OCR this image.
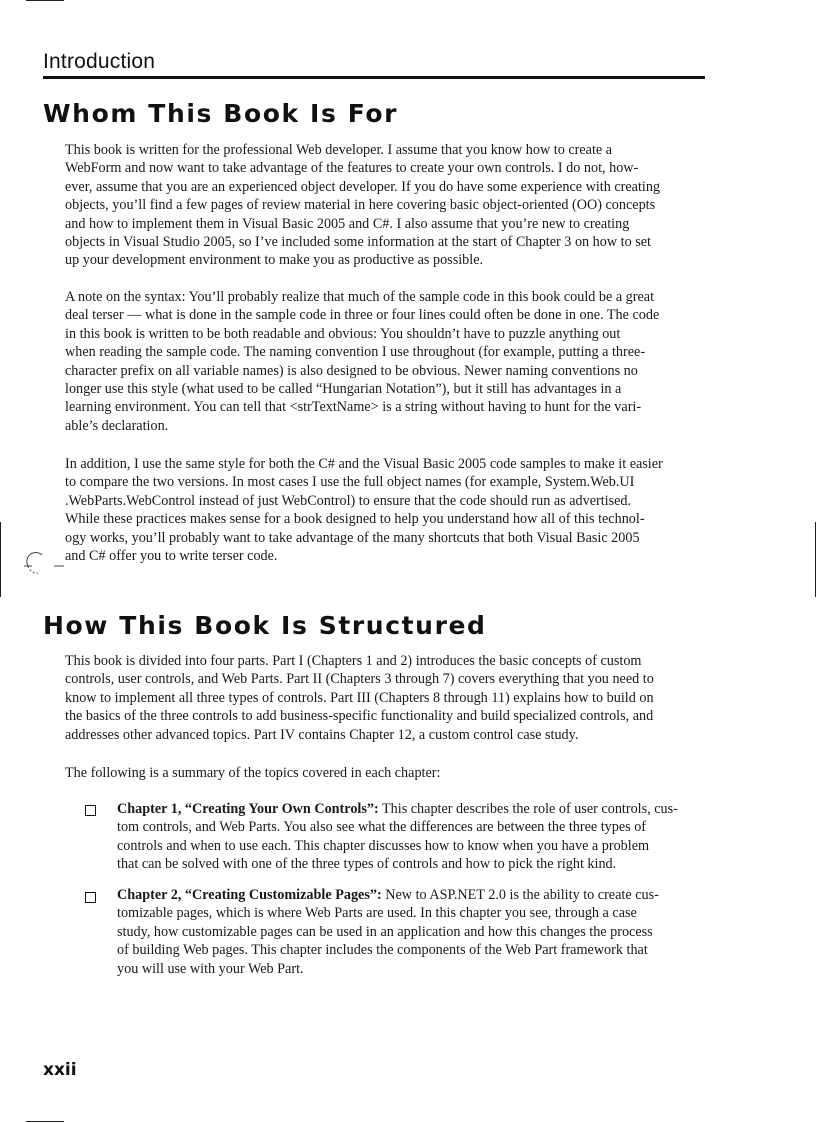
Introduction
Whom This Book Is For

This book is written for the professional Web developer. I assume that you know how to create a
WebForm and now want to take advantage of the features to create your own controls. I do not, how-
ever, assume that you are an experienced object developer. If you do have some experience with creating
objects, you’ll find a few pages of review material in here covering basic object-oriented (OO) concepts
and how to implement them in Visual Basic 2005 and C#. I also assume that you’re new to creating
objects in Visual Studio 2005, so I’ve included some information at the start of Chapter 3 on how to set
up your development environment to make you as productive as possible.

A note on the syntax: You’ll probably realize that much of the sample code in this book could be a great
deal terser — what is done in the sample code in three or four lines could often be done in one. The code
in this book is written to be both readable and obvious: You shouldn’t have to puzzle anything out
when reading the sample code. The naming convention I use throughout (for example, putting a three-
character prefix on all variable names) is also designed to be obvious. Newer naming conventions no
longer use this style (what used to be called “Hungarian Notation”), but it still has advantages in a
learning environment. You can tell that <strTextName> is a string without having to hunt for the vari-
able’s declaration.

In addition, I use the same style for both the C# and the Visual Basic 2005 code samples to make it easier
to compare the two versions. In most cases I use the full object names (for example, System.Web.UI
.WebParts.WebControl instead of just WebControl) to ensure that the code should run as advertised.
While these practices makes sense for a book designed to help you understand how all of this technol-
ogy works, you’ll probably want to take advantage of the many shortcuts that both Visual Basic 2005
and C# offer you to write terser code.

How This Book Is Structured

This book is divided into four parts. Part I (Chapters 1 and 2) introduces the basic concepts of custom
controls, user controls, and Web Parts. Part II (Chapters 3 through 7) covers everything that you need to
know to implement all three types of controls. Part III (Chapters 8 through 11) explains how to build on
the basics of the three controls to add business-specific functionality and build specialized controls, and
addresses other advanced topics. Part IV contains Chapter 12, a custom control case study.

The following is a summary of the topics covered in each chapter:

Chapter 1, “Creating Your Own Controls”: This chapter describes the role of user controls, cus-
tom controls, and Web Parts. You also see what the differences are between the three types of
controls and when to use each. This chapter discusses how to know when you have a problem
that can be solved with one of the three types of controls and how to pick the right kind.

Chapter 2, “Creating Customizable Pages”: New to ASP.NET 2.0 is the ability to create cus-
tomizable pages, which is where Web Parts are used. In this chapter you see, through a case
study, how customizable pages can be used in an application and how this changes the process
of building Web pages. This chapter includes the components of the Web Part framework that
you will use with your Web Part.

xxii
